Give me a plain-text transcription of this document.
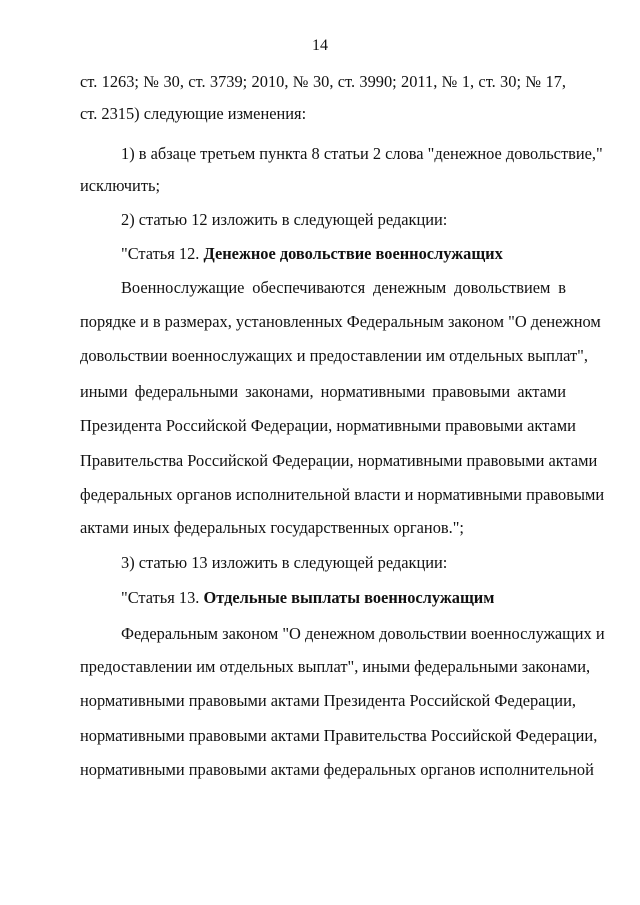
14
ст. 1263; № 30, ст. 3739; 2010, № 30, ст. 3990; 2011, № 1, ст. 30; № 17,
ст. 2315) следующие изменения:
1) в абзаце третьем пункта 8 статьи 2 слова "денежное довольствие,"
исключить;
2) статью 12 изложить в следующей редакции:
"Статья 12. Денежное довольствие военнослужащих
Военнослужащие обеспечиваются денежным довольствием в
порядке и в размерах, установленных Федеральным законом "О денежном
довольствии военнослужащих и предоставлении им отдельных выплат",
иными федеральными законами, нормативными правовыми актами
Президента Российской Федерации, нормативными правовыми актами
Правительства Российской Федерации, нормативными правовыми актами
федеральных органов исполнительной власти и нормативными правовыми
актами иных федеральных государственных органов.";
3) статью 13 изложить в следующей редакции:
"Статья 13. Отдельные выплаты военнослужащим
Федеральным законом "О денежном довольствии военнослужащих и
предоставлении им отдельных выплат", иными федеральными законами,
нормативными правовыми актами Президента Российской Федерации,
нормативными правовыми актами Правительства Российской Федерации,
нормативными правовыми актами федеральных органов исполнительной
